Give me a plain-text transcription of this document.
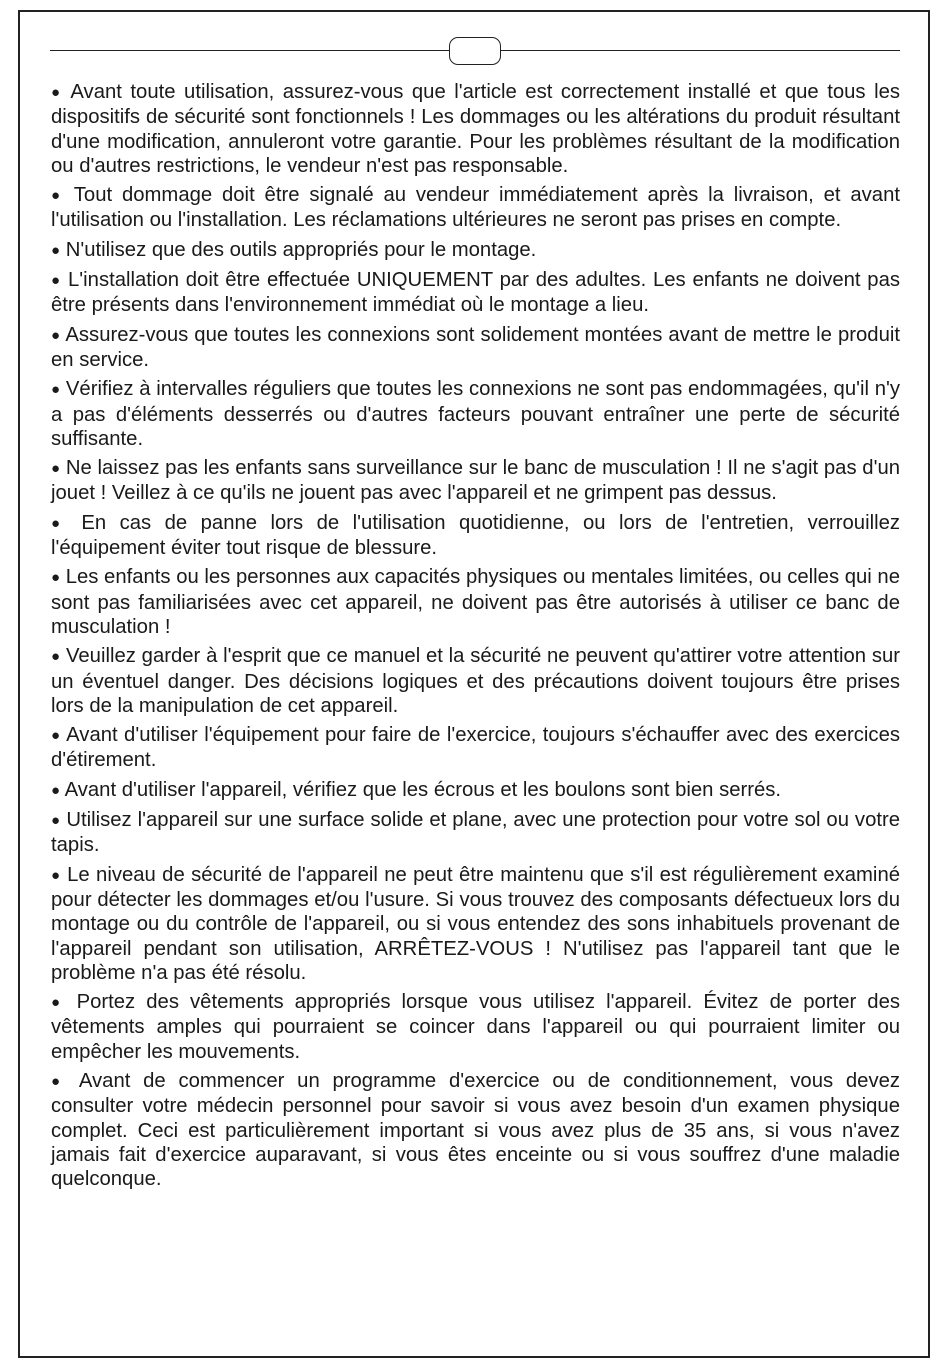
● Avant toute utilisation, assurez-vous que l'article est correctement installé et que tous les dispositifs de sécurité sont fonctionnels ! Les dommages ou les altérations du produit résultant d'une modification, annuleront votre garantie. Pour les problèmes résultant de la modification ou d'autres restrictions, le vendeur n'est pas responsable.

● Tout dommage doit être signalé au vendeur immédiatement après la livraison, et avant l'utilisation ou l'installation. Les réclamations ultérieures ne seront pas prises en compte.

● N'utilisez que des outils appropriés pour le montage.

● L'installation doit être effectuée UNIQUEMENT par des adultes. Les enfants ne doivent pas être présents dans l'environnement immédiat où le montage a lieu.

● Assurez-vous que toutes les connexions sont solidement montées avant de mettre le produit en service.

● Vérifiez à intervalles réguliers que toutes les connexions ne sont pas endommagées, qu'il n'y a pas d'éléments desserrés ou d'autres facteurs pouvant entraîner une perte de sécurité suffisante.

● Ne laissez pas les enfants sans surveillance sur le banc de musculation ! Il ne s'agit pas d'un jouet ! Veillez à ce qu'ils ne jouent pas avec l'appareil et ne grimpent pas dessus.

● En cas de panne lors de l'utilisation quotidienne, ou lors de l'entretien, verrouillez l'équipement éviter tout risque de blessure.

● Les enfants ou les personnes aux capacités physiques ou mentales limitées, ou celles qui ne sont pas familiarisées avec cet appareil, ne doivent pas être autorisés à utiliser ce banc de musculation !

● Veuillez garder à l'esprit que ce manuel et la sécurité ne peuvent qu'attirer votre attention sur un éventuel danger. Des décisions logiques et des précautions doivent toujours être prises lors de la manipulation de cet appareil.

● Avant d'utiliser l'équipement pour faire de l'exercice, toujours s'échauffer avec des exercices d'étirement.

● Avant d'utiliser l'appareil, vérifiez que les écrous et les boulons sont bien serrés.

● Utilisez l'appareil sur une surface solide et plane, avec une protection pour votre sol ou votre tapis.

● Le niveau de sécurité de l'appareil ne peut être maintenu que s'il est régulièrement examiné pour détecter les dommages et/ou l'usure. Si vous trouvez des composants défectueux lors du montage ou du contrôle de l'appareil, ou si vous entendez des sons inhabituels provenant de l'appareil pendant son utilisation, ARRÊTEZ-VOUS ! N'utilisez pas l'appareil tant que le problème n'a pas été résolu.

● Portez des vêtements appropriés lorsque vous utilisez l'appareil. Évitez de porter des vêtements amples qui pourraient se coincer dans l'appareil ou qui pourraient limiter ou empêcher les mouvements.

● Avant de commencer un programme d'exercice ou de conditionnement, vous devez consulter votre médecin personnel pour savoir si vous avez besoin d'un examen physique complet. Ceci est particulièrement important si vous avez plus de 35 ans, si vous n'avez jamais fait d'exercice auparavant, si vous êtes enceinte ou si vous souffrez d'une maladie quelconque.
